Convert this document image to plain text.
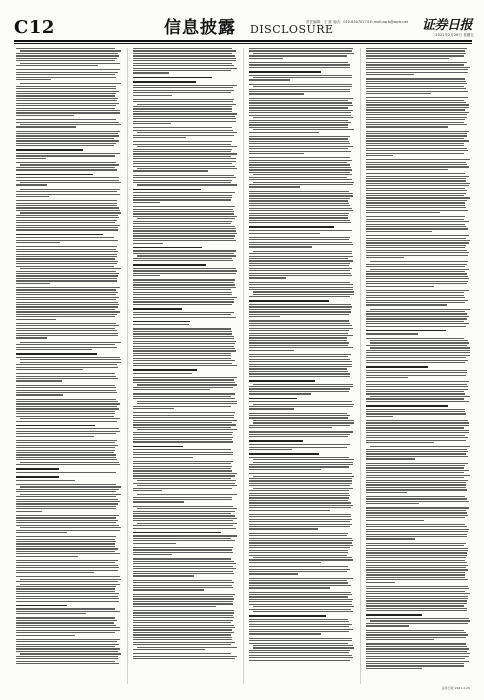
C12	信息披露 DISCLOSURE
责任编辑：王 燕 电话：010-63070174 E-mail:zqrb@zqrb.net	证券日报
2021年2月26日 星期五
证券日报 2021.2.26
